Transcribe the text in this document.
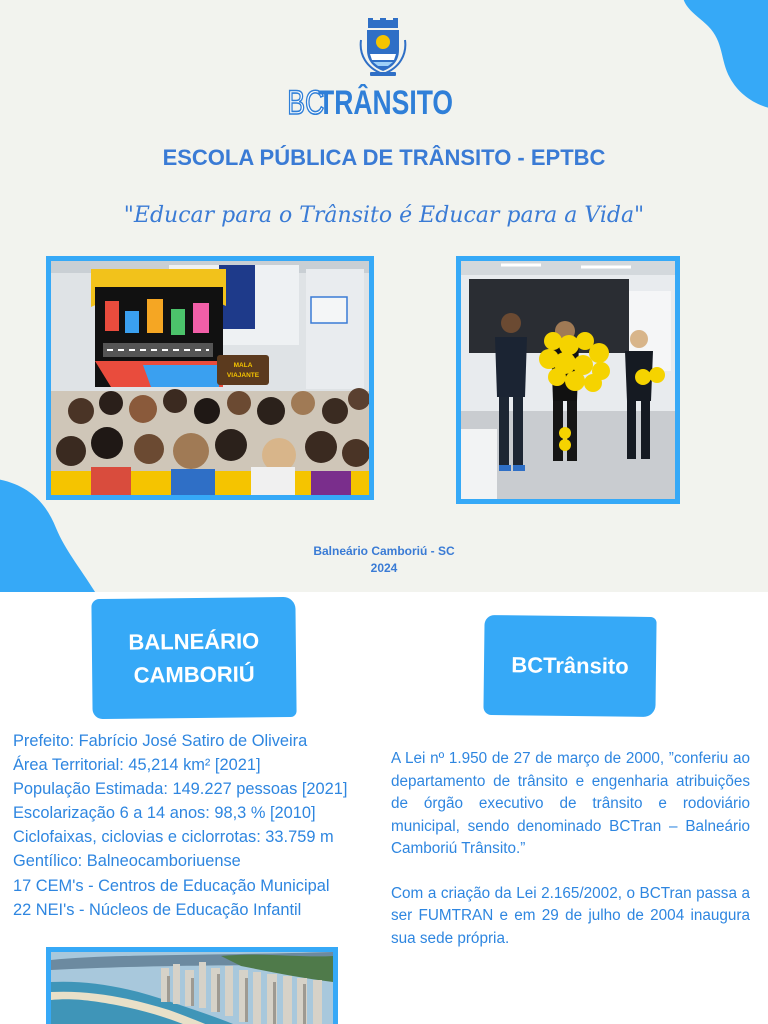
BCTRÂNSITO
ESCOLA PÚBLICA DE TRÂNSITO - EPTBC
"Educar para o Trânsito é Educar para a Vida"
MALA
VIAJANTE
Balneário Camboriú - SC
2024
BALNEÁRIO CAMBORIÚ	BCTrânsito
Prefeito: Fabrício José Satiro de Oliveira
Área Territorial: 45,214 km² [2021]
População Estimada: 149.227 pessoas [2021]
Escolarização 6 a 14 anos: 98,3 % [2010]
Ciclofaixas, ciclovias e ciclorrotas: 33.759 m
Gentílico: Balneocamboriuense
17 CEM's - Centros de Educação Municipal
22 NEI's - Núcleos de Educação Infantil

A Lei nº 1.950 de 27 de março de 2000, ”conferiu ao departamento de trânsito e engenharia atribuições de órgão executivo de trânsito e rodoviário municipal, sendo denominado BCTran – Balneário Camboriú Trânsito.”

Com a criação da Lei 2.165/2002, o BCTran passa a ser FUMTRAN e em 29 de julho de 2004 inaugura sua sede própria.
